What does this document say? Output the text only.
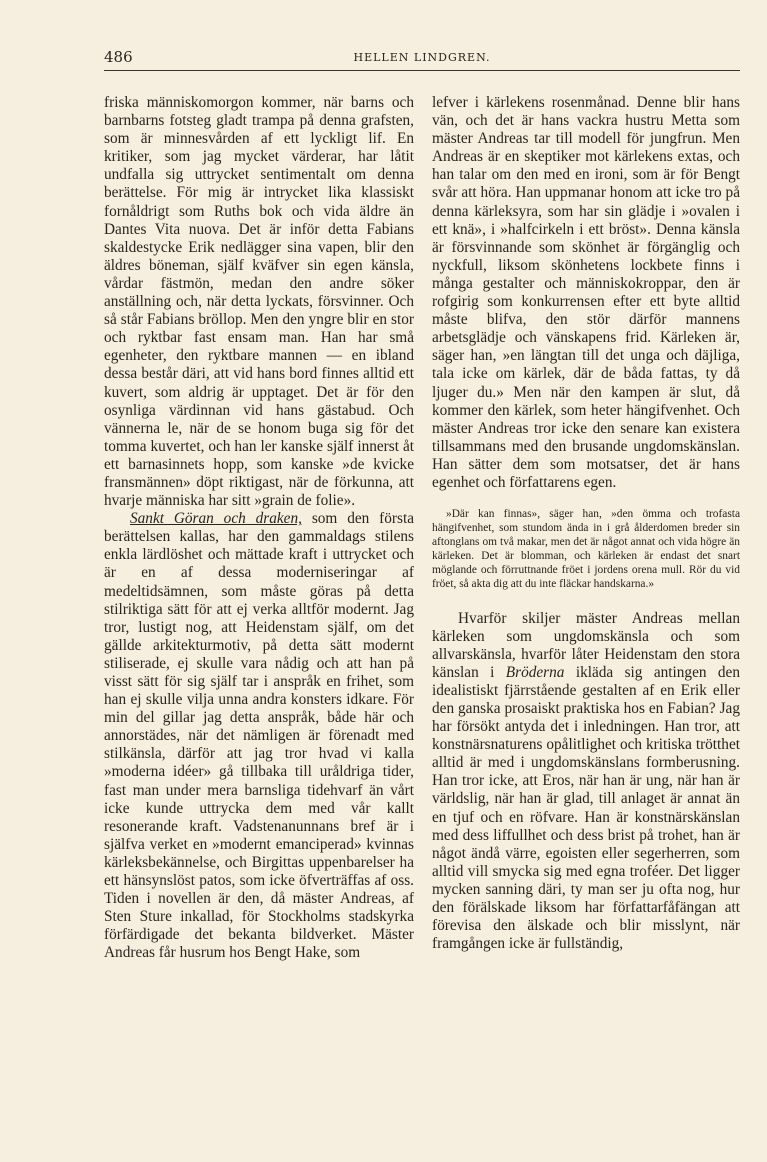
486	HELLEN LINDGREN.

friska människomorgon kommer, när barns och barnbarns fotsteg gladt trampa på denna grafsten, som är minnesvården af ett lyckligt lif. En kritiker, som jag mycket värderar, har låtit undfalla sig uttrycket sentimentalt om denna berättelse. För mig är intrycket lika klassiskt fornåldrigt som Ruths bok och vida äldre än Dantes Vita nuova. Det är inför detta Fabians skaldestycke Erik nedlägger sina vapen, blir den äldres böneman, själf kväfver sin egen känsla, vårdar fästmön, medan den andre söker anställning och, när detta lyckats, försvinner. Och så står Fabians bröllop. Men den yngre blir en stor och ryktbar fast ensam man. Han har små egenheter, den ryktbare mannen — en ibland dessa består däri, att vid hans bord finnes alltid ett kuvert, som aldrig är upptaget. Det är för den osynliga värdinnan vid hans gästabud. Och vännerna le, när de se honom buga sig för det tomma kuvertet, och han ler kanske själf innerst åt ett barnasinnets hopp, som kanske »de kvicke fransmännen» döpt riktigast, när de förkunna, att hvarje människa har sitt »grain de folie».

Sankt Göran och draken, som den första berättelsen kallas, har den gammaldags stilens enkla lärdlöshet och mättade kraft i uttrycket och är en af dessa moderniseringar af medeltidsämnen, som måste göras på detta stilriktiga sätt för att ej verka alltför modernt. Jag tror, lustigt nog, att Heidenstam själf, om det gällde arkitekturmotiv, på detta sätt modernt stiliserade, ej skulle vara nådig och att han på visst sätt för sig själf tar i anspråk en frihet, som han ej skulle vilja unna andra konsters idkare. För min del gillar jag detta anspråk, både här och annorstädes, när det nämligen är förenadt med stilkänsla, därför att jag tror hvad vi kalla »moderna idéer» gå tillbaka till uråldriga tider, fast man under mera barnsliga tidehvarf än vårt icke kunde uttrycka dem med vår kallt resonerande kraft. Vadstenanunnans bref är i själfva verket en »modernt emanciperad» kvinnas kärleksbekännelse, och Birgittas uppenbarelser ha ett hänsynslöst patos, som icke öfverträffas af oss. Tiden i novellen är den, då mäster Andreas, af Sten Sture inkallad, för Stockholms stadskyrka förfärdigade det bekanta bildverket. Mäster Andreas får husrum hos Bengt Hake, som

lefver i kärlekens rosenmånad. Denne blir hans vän, och det är hans vackra hustru Metta som mäster Andreas tar till modell för jungfrun. Men Andreas är en skeptiker mot kärlekens extas, och han talar om den med en ironi, som är för Bengt svår att höra. Han uppmanar honom att icke tro på denna kärleksyra, som har sin glädje i »ovalen i ett knä», i »halfcirkeln i ett bröst». Denna känsla är försvinnande som skönhet är förgänglig och nyckfull, liksom skönhetens lockbete finns i många gestalter och människokroppar, den är rofgirig som konkurrensen efter ett byte alltid måste blifva, den stör därför mannens arbetsglädje och vänskapens frid. Kärleken är, säger han, »en längtan till det unga och däjliga, tala icke om kärlek, där de båda fattas, ty då ljuger du.» Men när den kampen är slut, då kommer den kärlek, som heter hängifvenhet. Och mäster Andreas tror icke den senare kan existera tillsammans med den brusande ungdomskänslan. Han sätter dem som motsatser, det är hans egenhet och författarens egen.

»Där kan finnas», säger han, »den ömma och trofasta hängifvenhet, som stundom ända in i grå ålderdomen breder sin aftonglans om två makar, men det är något annat och vida högre än kärleken. Det är blomman, och kärleken är endast det snart möglande och förruttnande fröet i jordens orena mull. Rör du vid fröet, så akta dig att du inte fläckar handskarna.»

Hvarför skiljer mäster Andreas mellan kärleken som ungdomskänsla och som allvarskänsla, hvarför låter Heidenstam den stora känslan i Bröderna ikläda sig antingen den idealistiskt fjärrstående gestalten af en Erik eller den ganska prosaiskt praktiska hos en Fabian? Jag har försökt antyda det i inledningen. Han tror, att konstnärsnaturens opålitlighet och kritiska trötthet alltid är med i ungdomskänslans formberusning. Han tror icke, att Eros, när han är ung, när han är världslig, när han är glad, till anlaget är annat än en tjuf och en röfvare. Han är konstnärskänslan med dess liffullhet och dess brist på trohet, han är något ändå värre, egoisten eller segerherren, som alltid vill smycka sig med egna troféer. Det ligger mycken sanning däri, ty man ser ju ofta nog, hur den förälskade liksom har författarfåfängan att förevisa den älskade och blir misslynt, när framgången icke är fullständig,
